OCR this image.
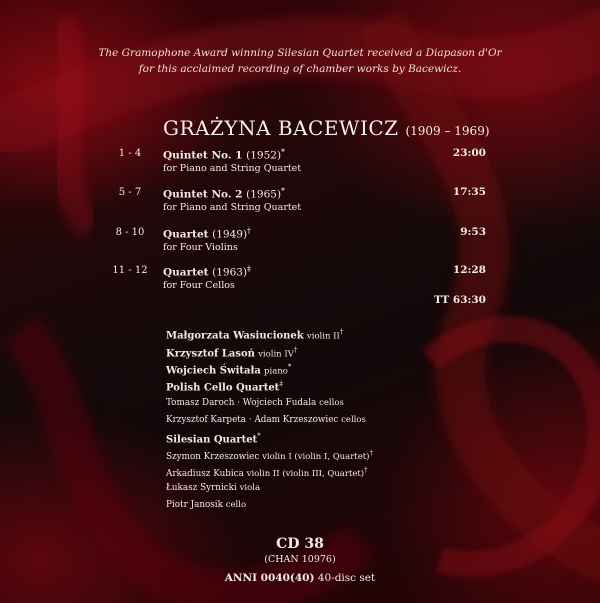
The Gramophone Award winning Silesian Quartet received a Diapason d'Or
for this acclaimed recording of chamber works by Bacewicz.
GRAŻYNA BACEWICZ (1909 – 1969)
1 - 4	Quintet No. 1 (1952)*
for Piano and String Quartet
23:00
5 - 7	Quintet No. 2 (1965)*
for Piano and String Quartet
17:35
8 - 10	Quartet (1949)†
for Four Violins
9:53
11 - 12	Quartet (1963)‡
for Four Cellos
12:28
TT 63:30
Małgorzata Wasiucionek violin II†
Krzysztof Lasoń violin IV†
Wojciech Świtała piano*
Polish Cello Quartet‡
Tomasz Daroch · Wojciech Fudala cellos
Krzysztof Karpeta · Adam Krzeszowiec cellos
Silesian Quartet*
Szymon Krzeszowiec violin I (violin I, Quartet)†
Arkadiusz Kubica violin II (violin III, Quartet)†
Łukasz Syrnicki viola
Piotr Janosik cello
CD 38
(CHAN 10976)
ANNI 0040(40) 40-disc set
